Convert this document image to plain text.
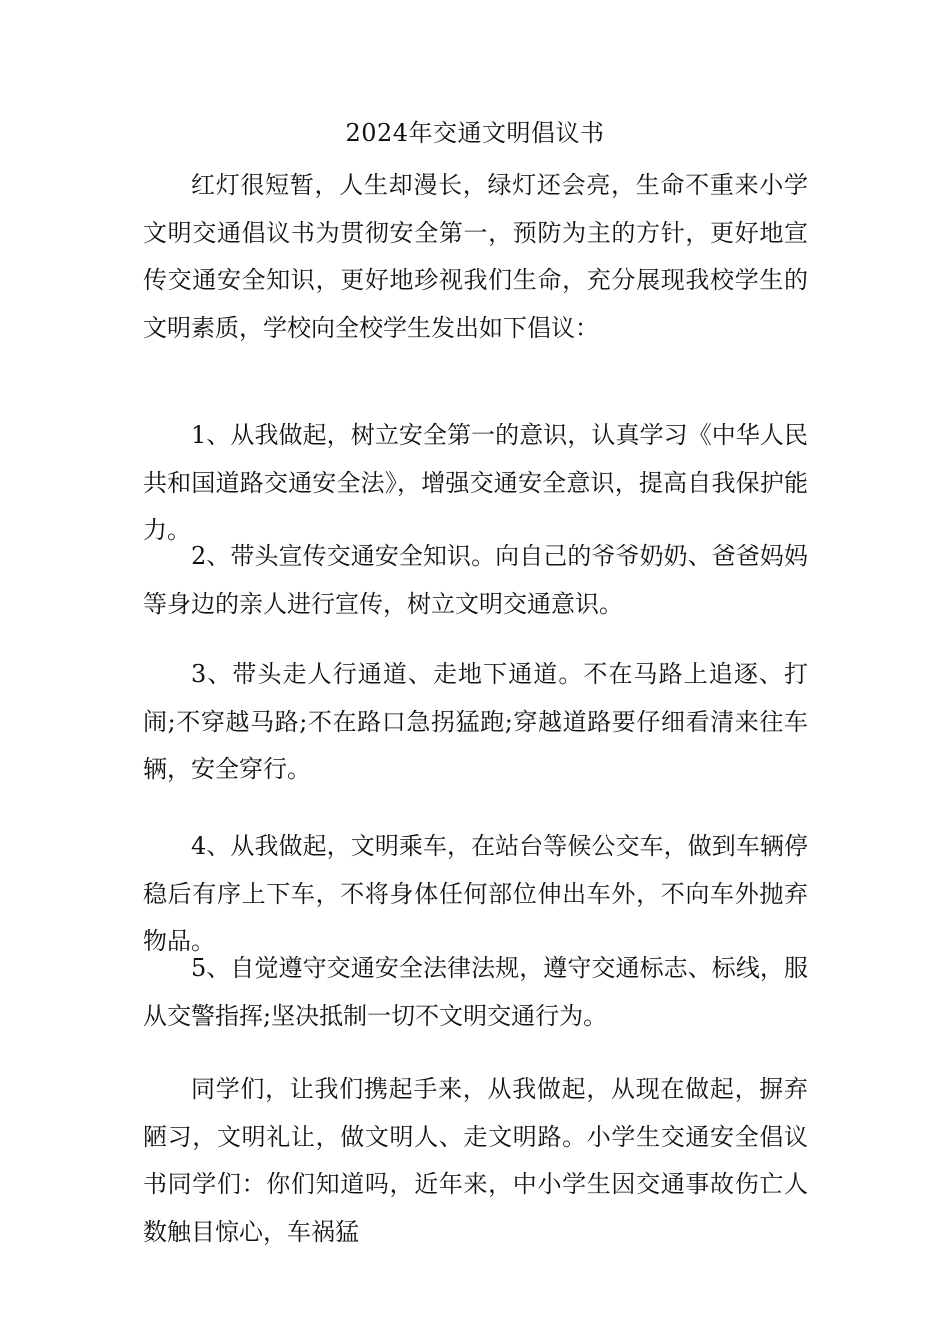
2024年交通文明倡议书

红灯很短暂，人生却漫长，绿灯还会亮，生命不重来小学文明交通倡议书为贯彻安全第一，预防为主的方针，更好地宣传交通安全知识，更好地珍视我们生命，充分展现我校学生的文明素质，学校向全校学生发出如下倡议：

1、从我做起，树立安全第一的意识，认真学习《中华人民共和国道路交通安全法》，增强交通安全意识，提高自我保护能力。

2、带头宣传交通安全知识。向自己的爷爷奶奶、爸爸妈妈等身边的亲人进行宣传，树立文明交通意识。

3、带头走人行通道、走地下通道。不在马路上追逐、打闹;不穿越马路;不在路口急拐猛跑;穿越道路要仔细看清来往车辆，安全穿行。

4、从我做起，文明乘车，在站台等候公交车，做到车辆停稳后有序上下车，不将身体任何部位伸出车外，不向车外抛弃物品。

5、自觉遵守交通安全法律法规，遵守交通标志、标线，服从交警指挥;坚决抵制一切不文明交通行为。

同学们，让我们携起手来，从我做起，从现在做起，摒弃陋习，文明礼让，做文明人、走文明路。小学生交通安全倡议书同学们：你们知道吗，近年来，中小学生因交通事故伤亡人数触目惊心，车祸猛
